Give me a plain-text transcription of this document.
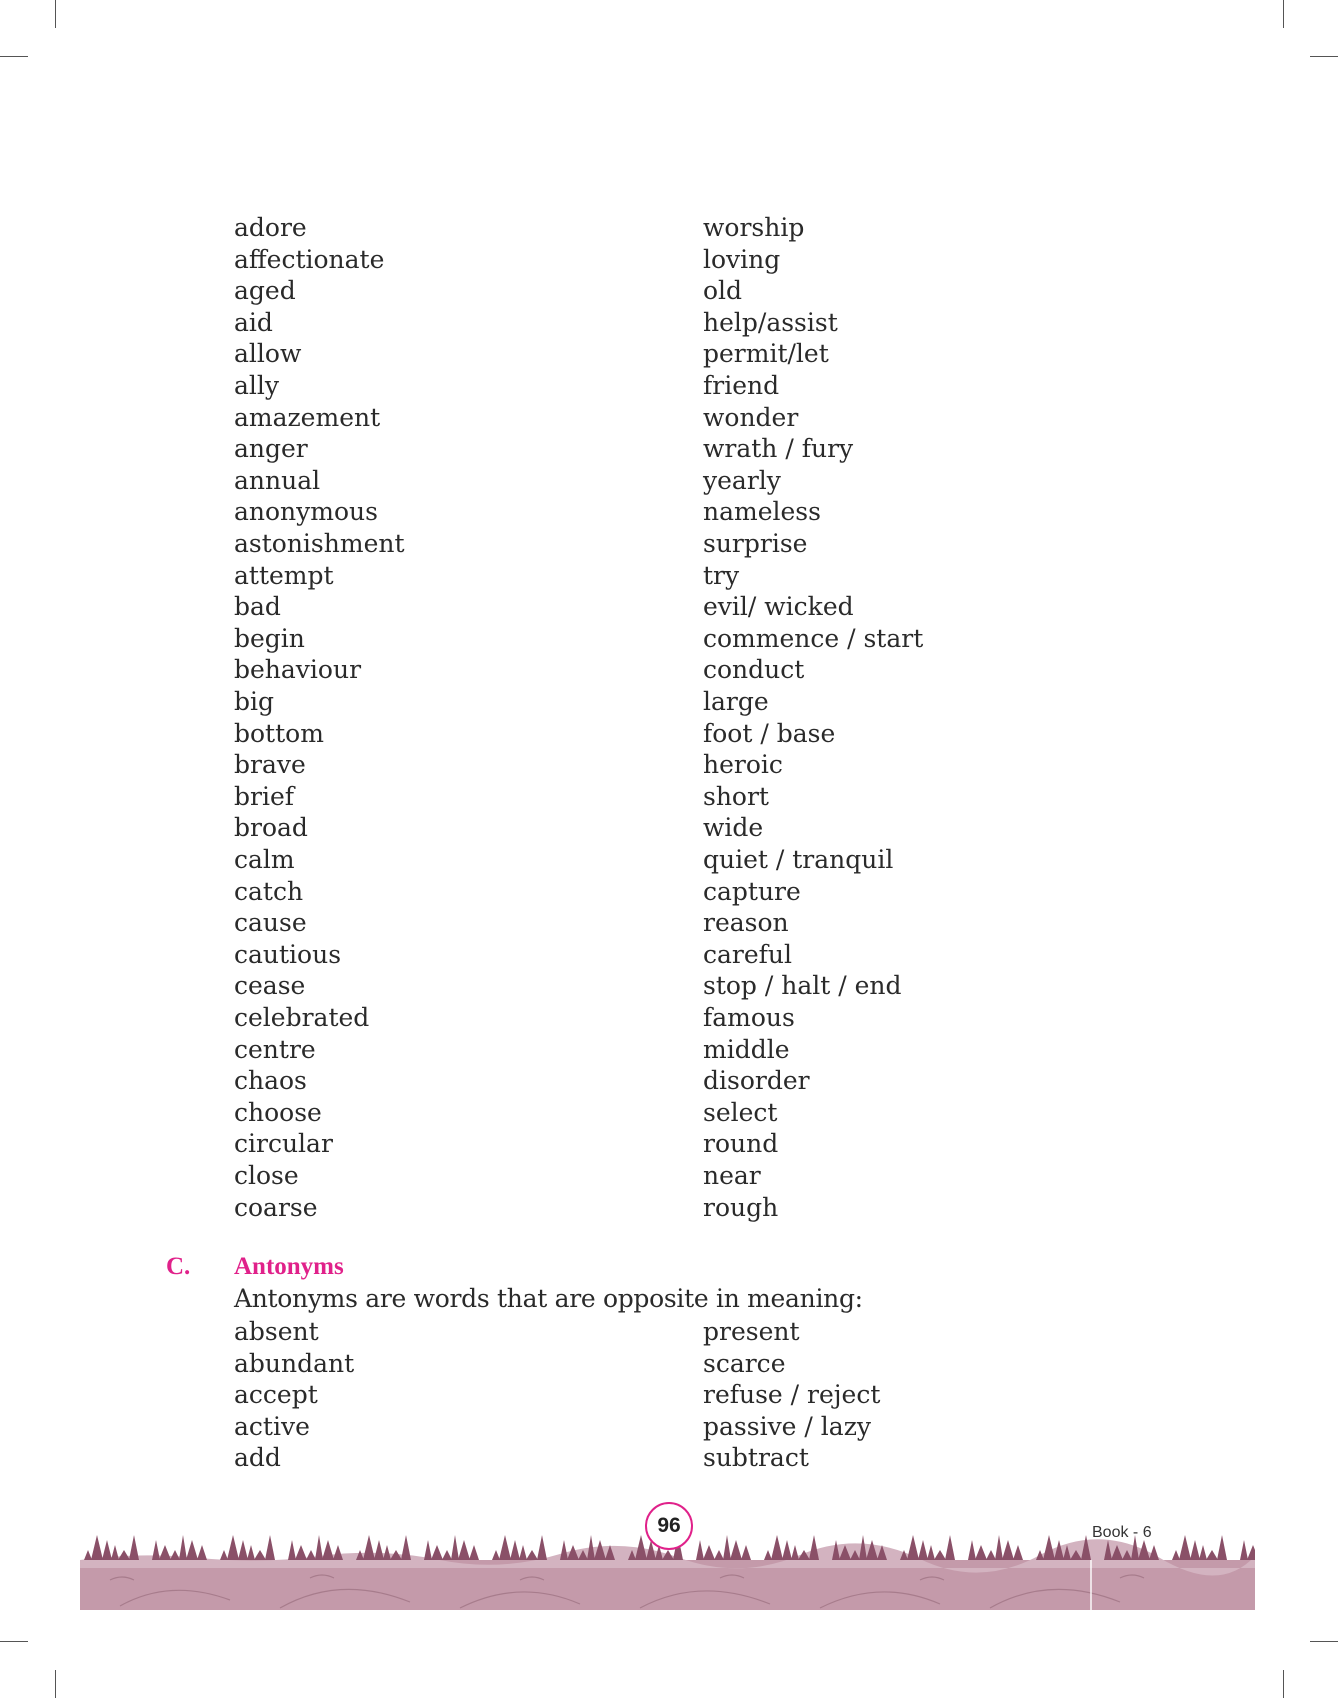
adore	worship
affectionate	loving
aged	old
aid	help/assist
allow	permit/let
ally	friend
amazement	wonder
anger	wrath / fury
annual	yearly
anonymous	nameless
astonishment	surprise
attempt	try
bad	evil/ wicked
begin	commence / start
behaviour	conduct
big	large
bottom	foot / base
brave	heroic
brief	short
broad	wide
calm	quiet / tranquil
catch	capture
cause	reason
cautious	careful
cease	stop / halt / end
celebrated	famous
centre	middle
chaos	disorder
choose	select
circular	round
close	near
coarse	rough
C. Antonyms
Antonyms are words that are opposite in meaning:
absent	present
abundant	scarce
accept	refuse / reject
active	passive / lazy
add	subtract
96	Book - 6
